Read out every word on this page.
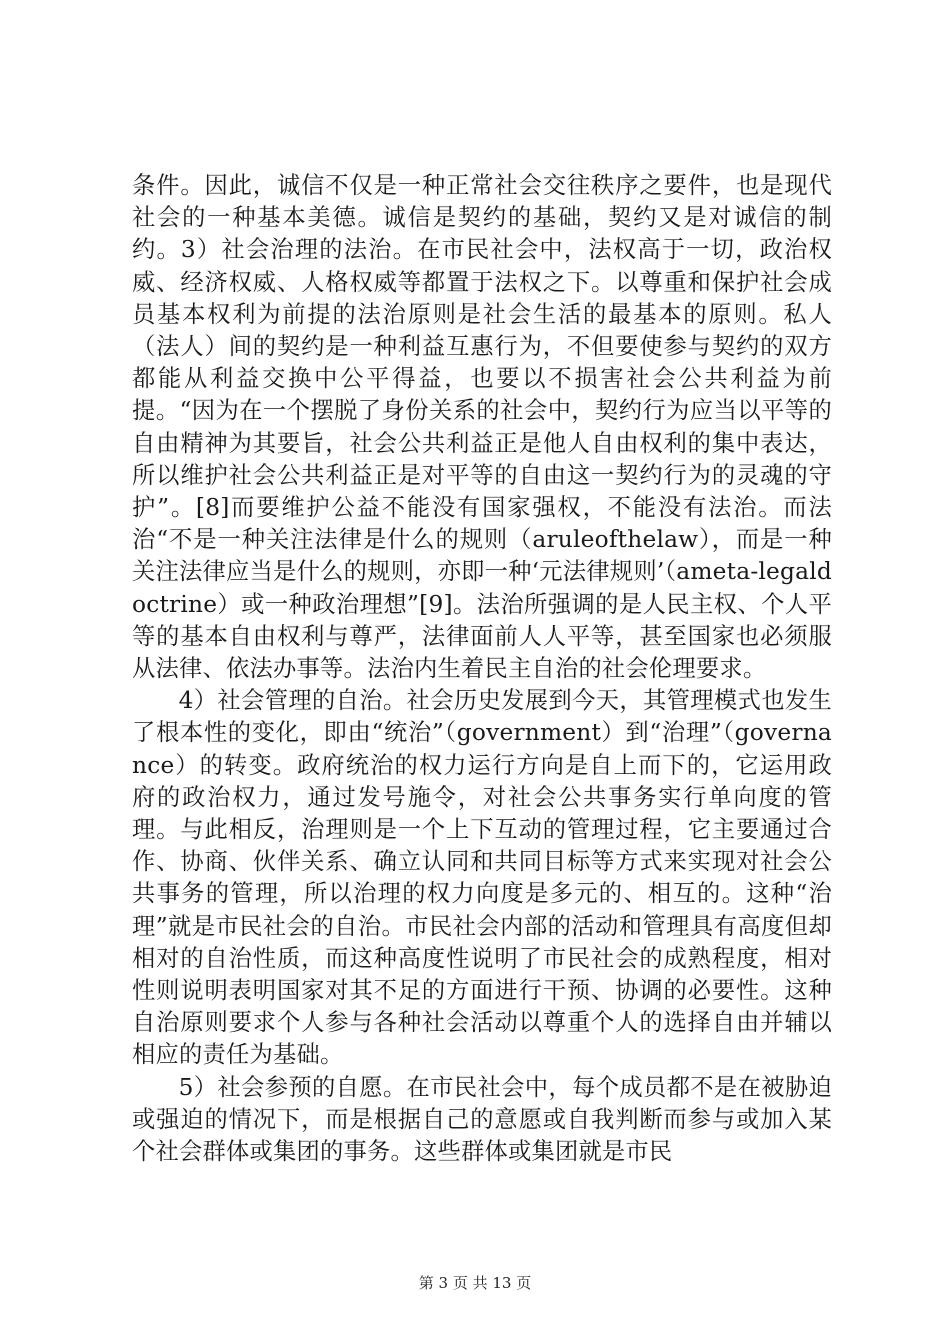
条件。因此，诚信不仅是一种正常社会交往秩序之要件，也是现代社会的一种基本美德。诚信是契约的基础，契约又是对诚信的制约。3）社会治理的法治。在市民社会中，法权高于一切，政治权威、经济权威、人格权威等都置于法权之下。以尊重和保护社会成员基本权利为前提的法治原则是社会生活的最基本的原则。私人（法人）间的契约是一种利益互惠行为，不但要使参与契约的双方都能从利益交换中公平得益，也要以不损害社会公共利益为前提。“因为在一个摆脱了身份关系的社会中，契约行为应当以平等的自由精神为其要旨，社会公共利益正是他人自由权利的集中表达，所以维护社会公共利益正是对平等的自由这一契约行为的灵魂的守护”。[8]而要维护公益不能没有国家强权，不能没有法治。而法治“不是一种关注法律是什么的规则（aruleofthelaw），而是一种关注法律应当是什么的规则，亦即一种‘元法律规则’（ameta-legaldoctrine）或一种政治理想”[9]。法治所强调的是人民主权、个人平等的基本自由权利与尊严，法律面前人人平等，甚至国家也必须服从法律、依法办事等。法治内生着民主自治的社会伦理要求。

4）社会管理的自治。社会历史发展到今天，其管理模式也发生了根本性的变化，即由“统治”（government）到“治理”（governance）的转变。政府统治的权力运行方向是自上而下的，它运用政府的政治权力，通过发号施令，对社会公共事务实行单向度的管理。与此相反，治理则是一个上下互动的管理过程，它主要通过合作、协商、伙伴关系、确立认同和共同目标等方式来实现对社会公共事务的管理，所以治理的权力向度是多元的、相互的。这种“治理”就是市民社会的自治。市民社会内部的活动和管理具有高度但却相对的自治性质，而这种高度性说明了市民社会的成熟程度，相对性则说明表明国家对其不足的方面进行干预、协调的必要性。这种自治原则要求个人参与各种社会活动以尊重个人的选择自由并辅以相应的责任为基础。

5）社会参预的自愿。在市民社会中，每个成员都不是在被胁迫或强迫的情况下，而是根据自己的意愿或自我判断而参与或加入某个社会群体或集团的事务。这些群体或集团就是市民

第 3 页 共 13 页
